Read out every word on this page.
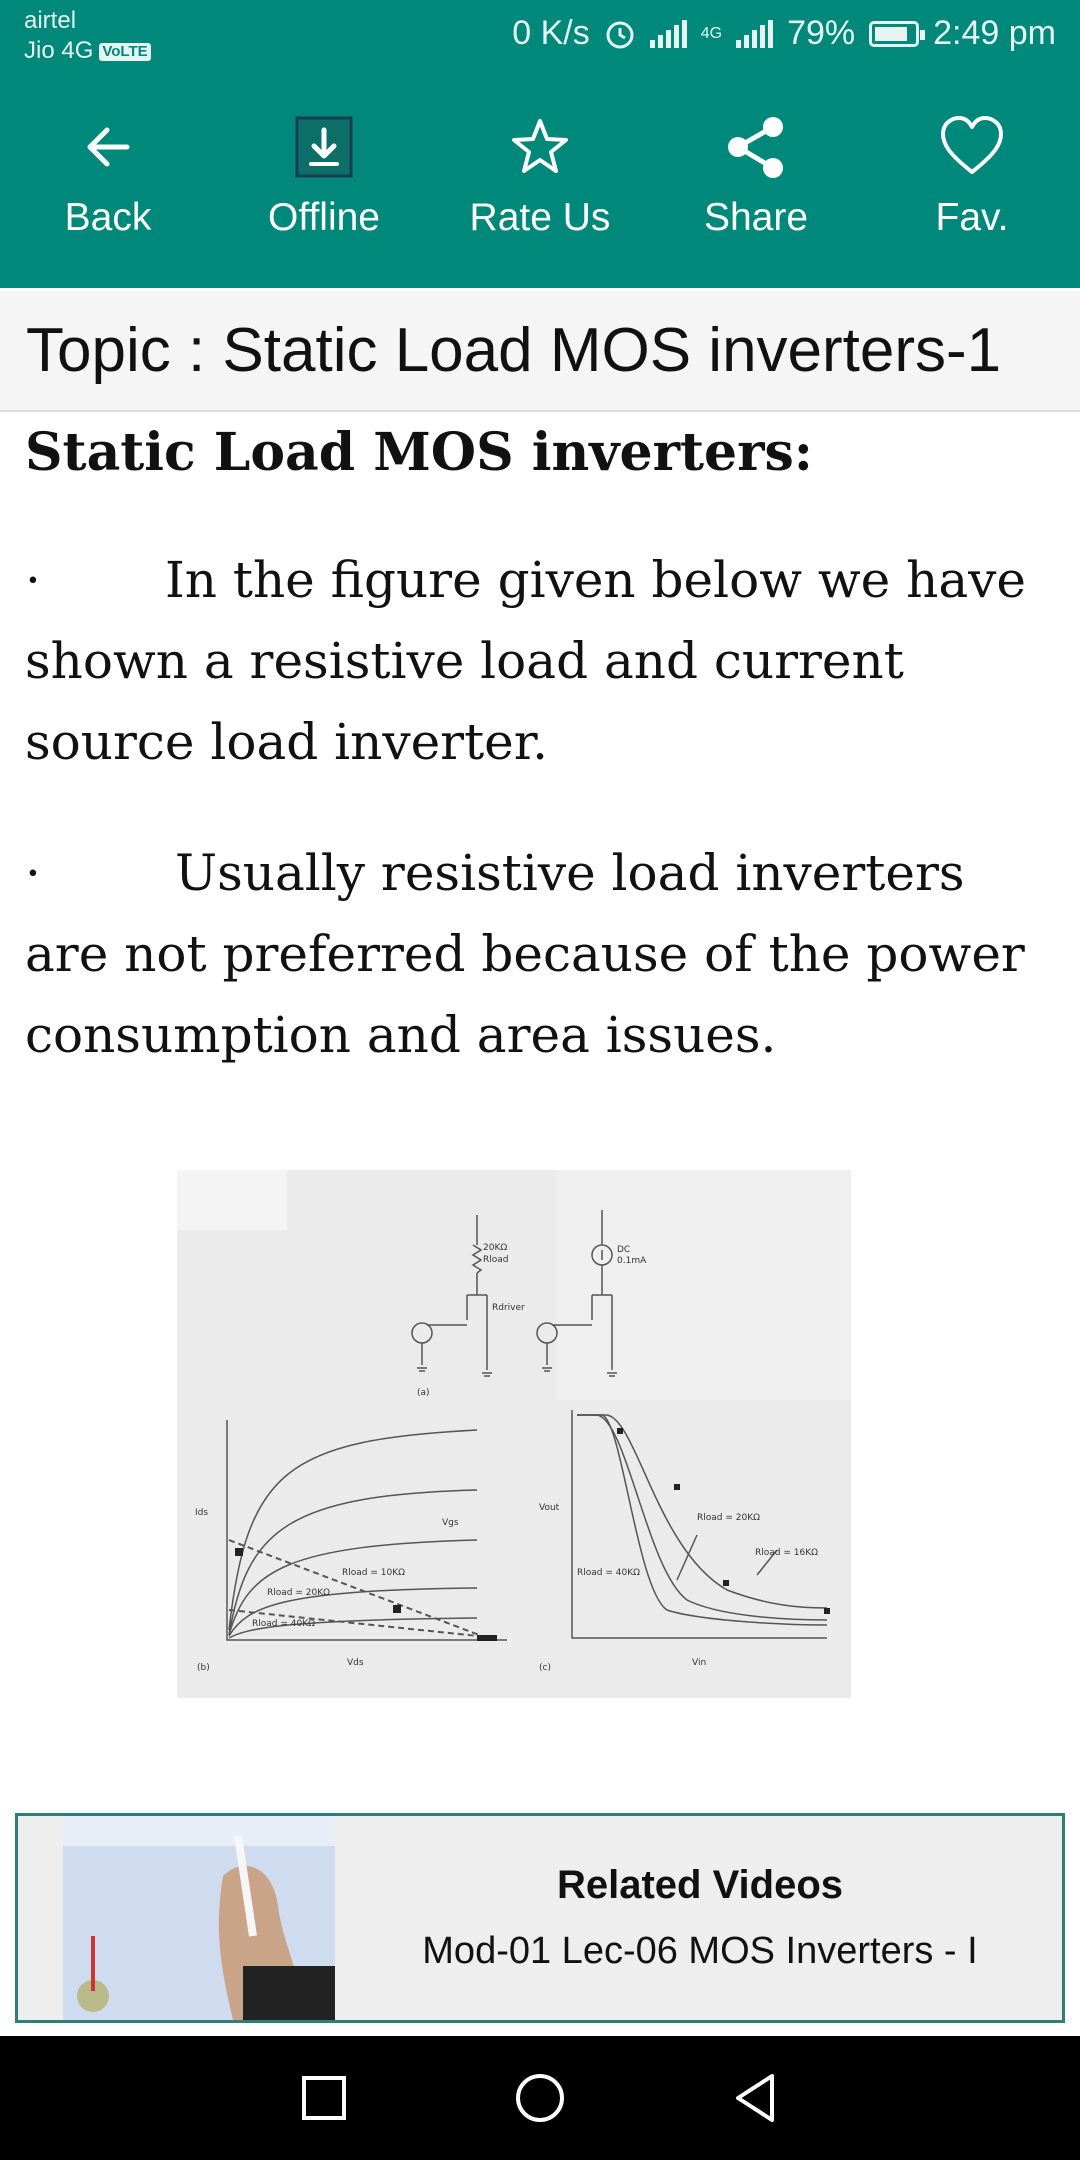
airtel
Jio 4G VoLTE	0 K/s	4G 79% 2:49 pm
Back	Offline Rate Us Share	Fav.
Topic : Static Load MOS inverters-1
Static Load MOS inverters:

· In the figure given below we have shown a resistive load and current source load inverter.

·	Usually resistive load inverters are not preferred because of the power consumption and area issues.

20KΩ
Rload
Rdriver
DC
0.1mA
(a)
(b)	(c)
Ids
Vgs
Vds
Vout
Vin
Rload = 10KΩ
Rload = 20KΩ
Rload = 40KΩ
Rload = 20KΩ
Rload = 16KΩ
Rload = 40KΩ
Related Videos
Mod-01 Lec-06 MOS Inverters - I
